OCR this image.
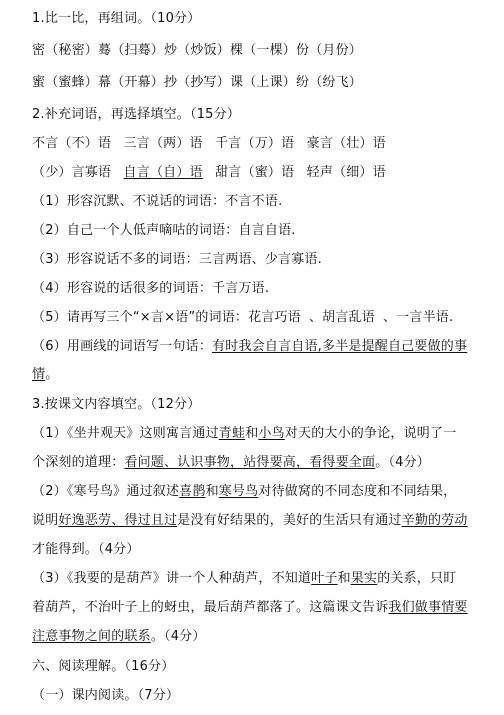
1.比一比，再组词。（10分）
密（秘密）蓦（扫蓦）炒（炒饭）棵（一棵）份（月份）
蜜（蜜蜂）幕（开幕）抄（抄写）课（上课）纷（纷飞）
2.补充词语，再选择填空。（15分）
不言（不）语 三言（两）语 千言（万）语 豪言（壮）语
（少）言寡语 自言（自）语 甜言（蜜）语 轻声（细）语
（1）形容沉默、不说话的词语：不言不语.
（2）自己一个人低声嘀咕的词语：自言自语.
（3）形容说话不多的词语：三言两语、少言寡语.
（4）形容说的话很多的词语：千言万语.
（5）请再写三个“×言×语”的词语：花言巧语 、胡言乱语 、一言半语.
（6）用画线的词语写一句话：有时我会自言自语,多半是提醒自己要做的事
情。
3.按课文内容填空。（12分）
（1）《坐井观天》这则寓言通过青蛙和小鸟对天的大小的争论，说明了一
个深刻的道理：看问题、认识事物，站得要高，看得要全面。（4分）
（2）《寒号鸟》通过叙述喜鹊和寒号鸟对待做窝的不同态度和不同结果，
说明好逸恶劳、得过且过是没有好结果的，美好的生活只有通过辛勤的劳动
才能得到。（4分）
（3）《我要的是葫芦》讲一个人种葫芦，不知道叶子和果实的关系，只盯
着葫芦，不治叶子上的蚜虫，最后葫芦都落了。这篇课文告诉我们做事情要
注意事物之间的联系。（4分）
六、阅读理解。（16分）
（一）课内阅读。（7分）
